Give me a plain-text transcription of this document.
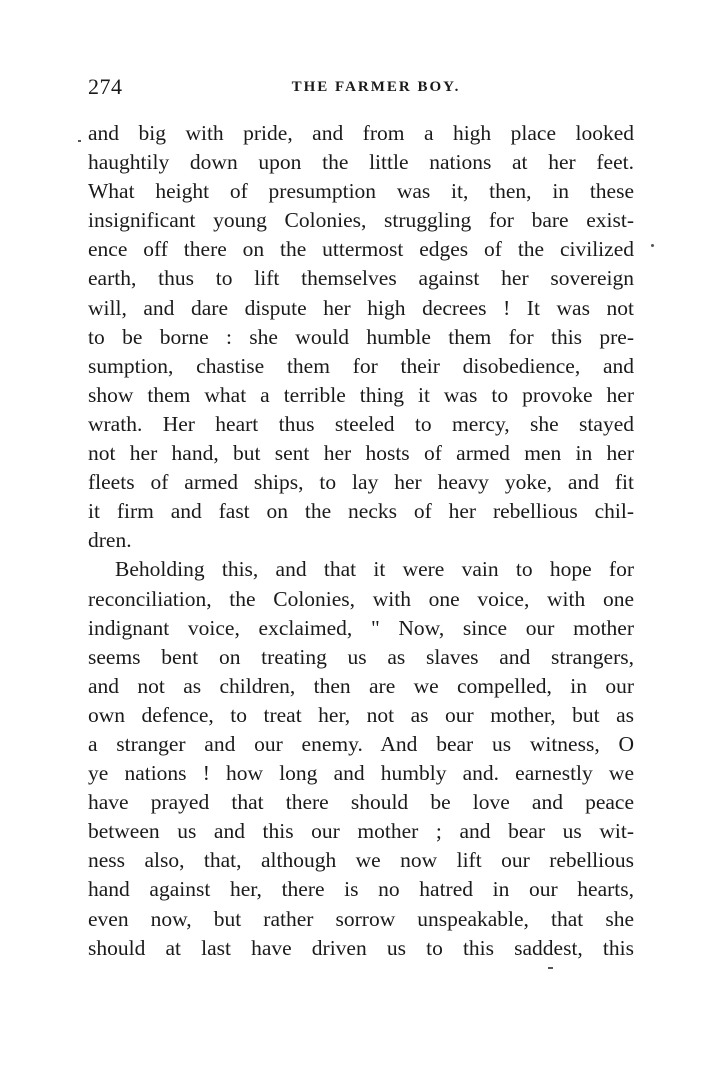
274	THE FARMER BOY.
and big with pride, and from a high place looked
haughtily down upon the little nations at her feet.
What height of presumption was it, then, in these
insignificant young Colonies, struggling for bare exist-
ence off there on the uttermost edges of the civilized
earth, thus to lift themselves against her sovereign
will, and dare dispute her high decrees ! It was not
to be borne : she would humble them for this pre-
sumption, chastise them for their disobedience, and
show them what a terrible thing it was to provoke her
wrath. Her heart thus steeled to mercy, she stayed
not her hand, but sent her hosts of armed men in her
fleets of armed ships, to lay her heavy yoke, and fit
it firm and fast on the necks of her rebellious chil-
dren.
Beholding this, and that it were vain to hope for
reconciliation, the Colonies, with one voice, with one
indignant voice, exclaimed, " Now, since our mother
seems bent on treating us as slaves and strangers,
and not as children, then are we compelled, in our
own defence, to treat her, not as our mother, but as
a stranger and our enemy. And bear us witness, O
ye nations ! how long and humbly and. earnestly we
have prayed that there should be love and peace
between us and this our mother ; and bear us wit-
ness also, that, although we now lift our rebellious
hand against her, there is no hatred in our hearts,
even now, but rather sorrow unspeakable, that she
should at last have driven us to this saddest, this
